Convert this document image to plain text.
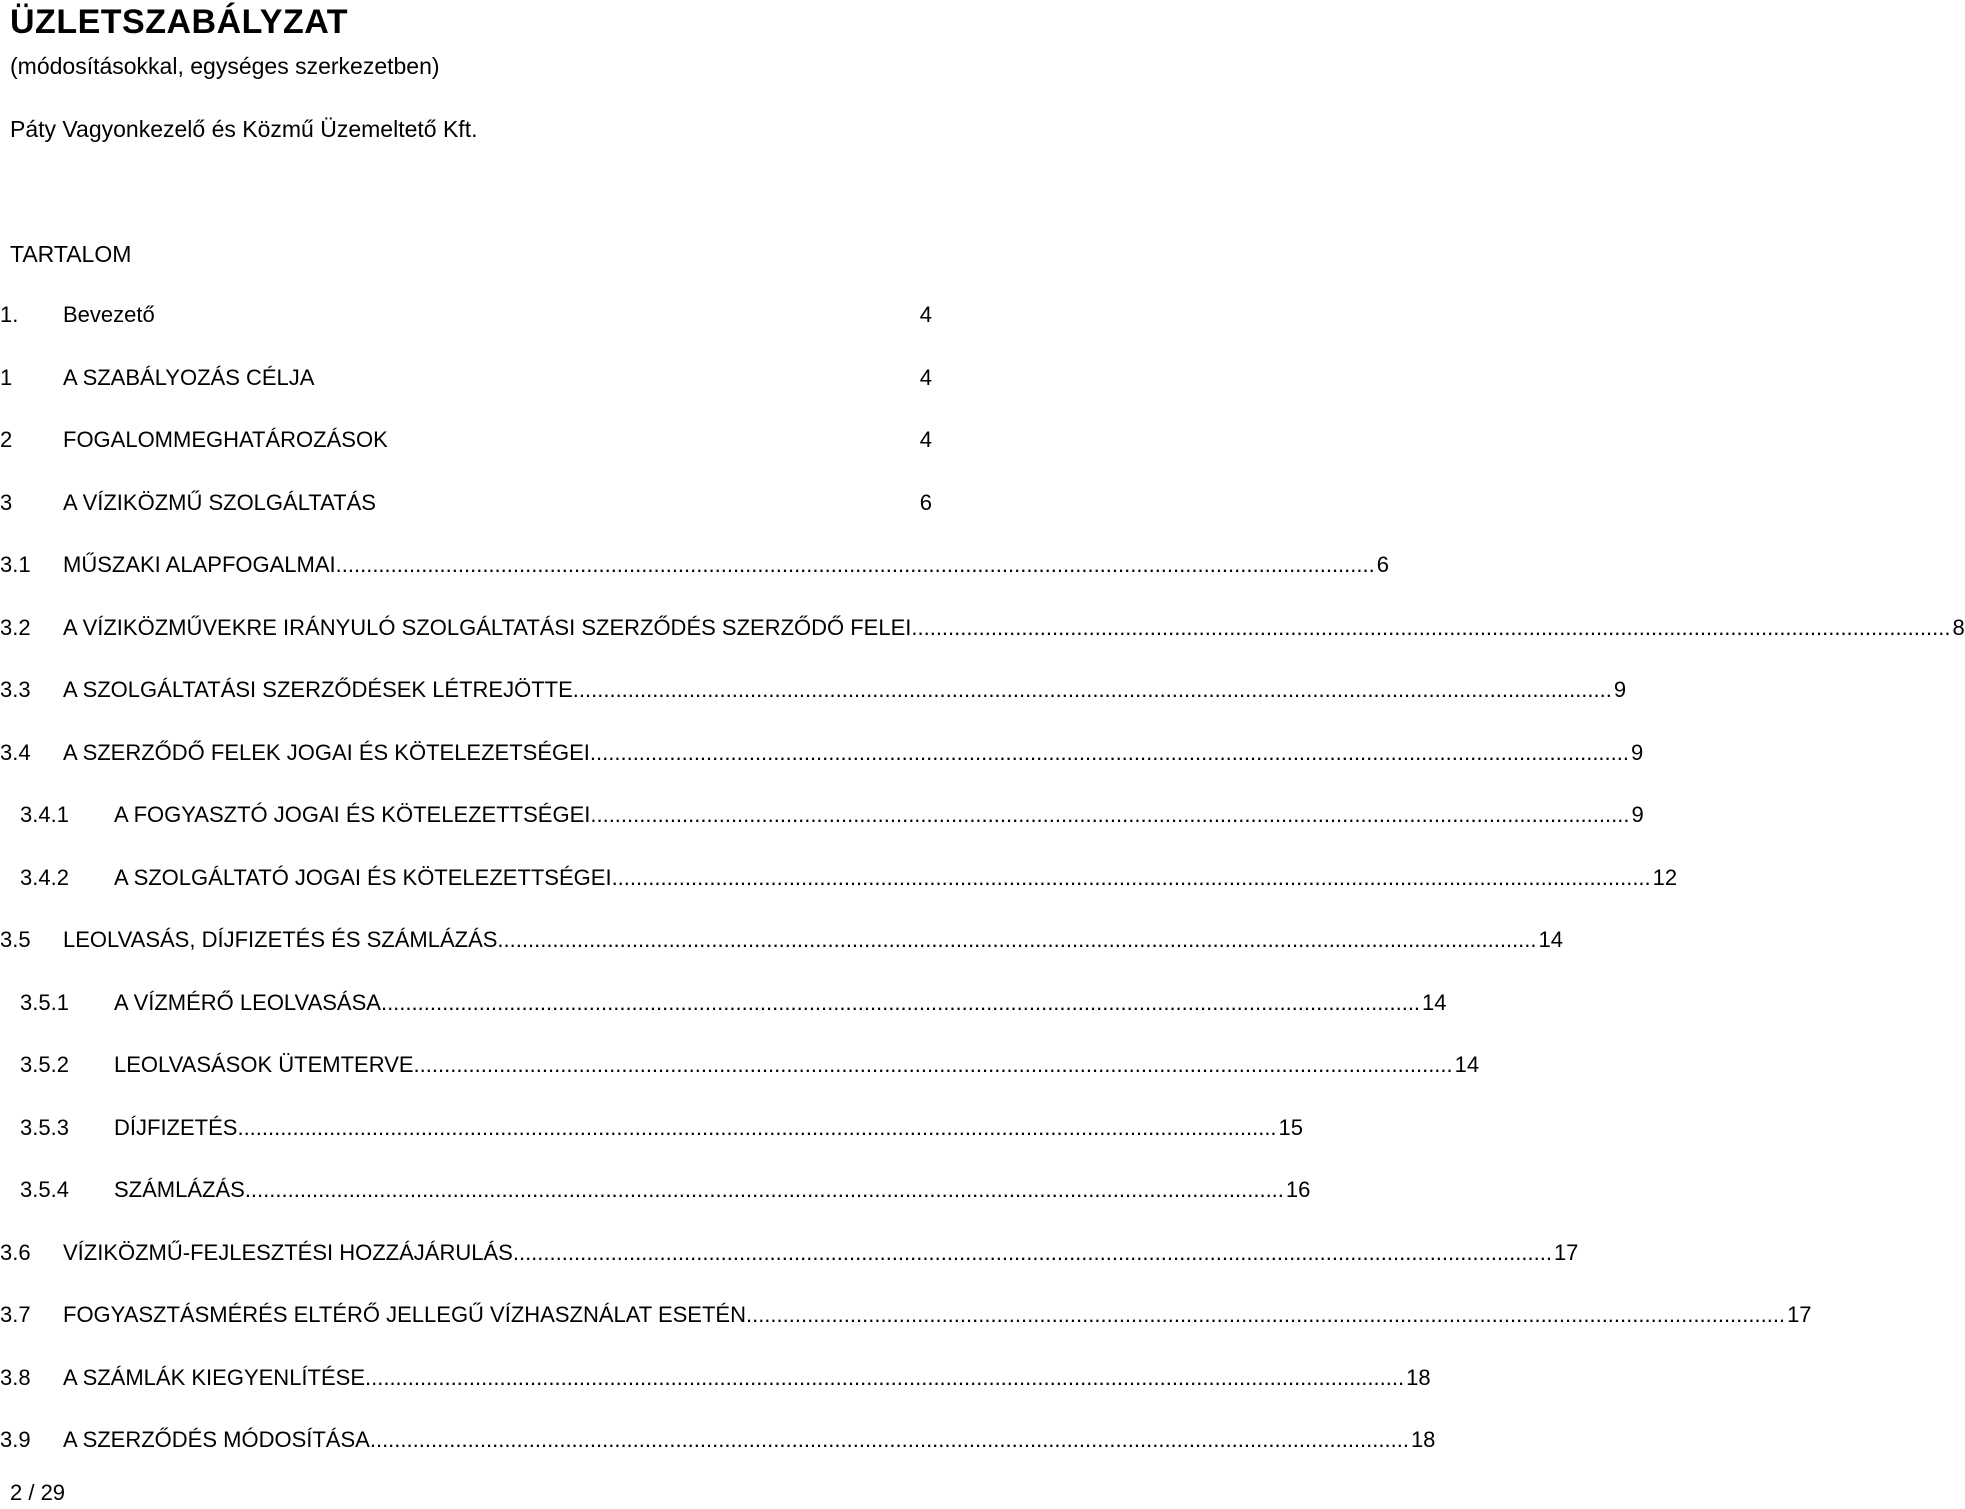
ÜZLETSZABÁLYZAT
(módosításokkal, egységes szerkezetben)
Páty Vagyonkezelő és Közmű Üzemeltető Kft.
TARTALOM
1. Bevezető	4
1 A SZABÁLYOZÁS CÉLJA	4
2 FOGALOMMEGHATÁROZÁSOK	4
3 A VÍZIKÖZMŰ SZOLGÁLTATÁS	6
3.1 MŰSZAKI ALAPFOGALMAI .......................................................................................................................................................................... 6
3.2 A VÍZIKÖZMŰVEKRE IRÁNYULÓ SZOLGÁLTATÁSI SZERZŐDÉS SZERZŐDŐ FELEI .......................................................................................................................................................................... 8
3.3 A SZOLGÁLTATÁSI SZERZŐDÉSEK LÉTREJÖTTE .......................................................................................................................................................................... 9
3.4 A SZERZŐDŐ FELEK JOGAI ÉS KÖTELEZETSÉGEI .......................................................................................................................................................................... 9
3.4.1 A FOGYASZTÓ JOGAI ÉS KÖTELEZETTSÉGEI .......................................................................................................................................................................... 9
3.4.2 A SZOLGÁLTATÓ JOGAI ÉS KÖTELEZETTSÉGEI .......................................................................................................................................................................... 12
3.5 LEOLVASÁS, DÍJFIZETÉS ÉS SZÁMLÁZÁS .......................................................................................................................................................................... 14
3.5.1 A VÍZMÉRŐ LEOLVASÁSA .......................................................................................................................................................................... 14
3.5.2 LEOLVASÁSOK ÜTEMTERVE .......................................................................................................................................................................... 14
3.5.3 DÍJFIZETÉS .......................................................................................................................................................................... 15
3.5.4 SZÁMLÁZÁS .......................................................................................................................................................................... 16
3.6 VÍZIKÖZMŰ-FEJLESZTÉSI HOZZÁJÁRULÁS .......................................................................................................................................................................... 17
3.7 FOGYASZTÁSMÉRÉS ELTÉRŐ JELLEGŰ VÍZHASZNÁLAT ESETÉN .......................................................................................................................................................................... 17
3.8 A SZÁMLÁK KIEGYENLÍTÉSE .......................................................................................................................................................................... 18
3.9 A SZERZŐDÉS MÓDOSÍTÁSA .......................................................................................................................................................................... 18
2 / 29
